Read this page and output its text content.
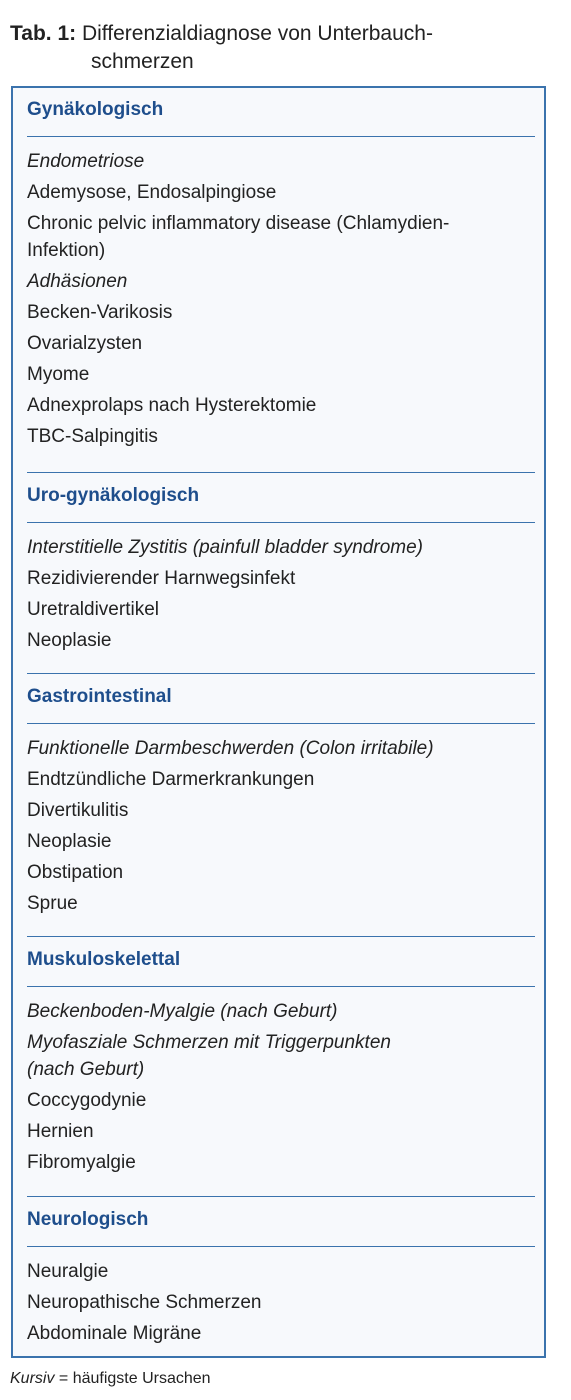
Tab. 1: Differenzialdiagnose von Unterbauch-
schmerzen
Gynäkologisch
Endometriose
Ademysose, Endosalpingiose
Chronic pelvic inflammatory disease (Chlamydien-
Infektion)
Adhäsionen
Becken-Varikosis
Ovarialzysten
Myome
Adnexprolaps nach Hysterektomie
TBC-Salpingitis
Uro-gynäkologisch
Interstitielle Zystitis (painfull bladder syndrome)
Rezidivierender Harnwegsinfekt
Uretraldivertikel
Neoplasie
Gastrointestinal
Funktionelle Darmbeschwerden (Colon irritabile)
Endtzündliche Darmerkrankungen
Divertikulitis
Neoplasie
Obstipation
Sprue
Muskuloskelettal
Beckenboden-Myalgie (nach Geburt)
Myofasziale Schmerzen mit Triggerpunkten
(nach Geburt)
Coccygodynie
Hernien
Fibromyalgie
Neurologisch
Neuralgie
Neuropathische Schmerzen
Abdominale Migräne
Kursiv = häufigste Ursachen
